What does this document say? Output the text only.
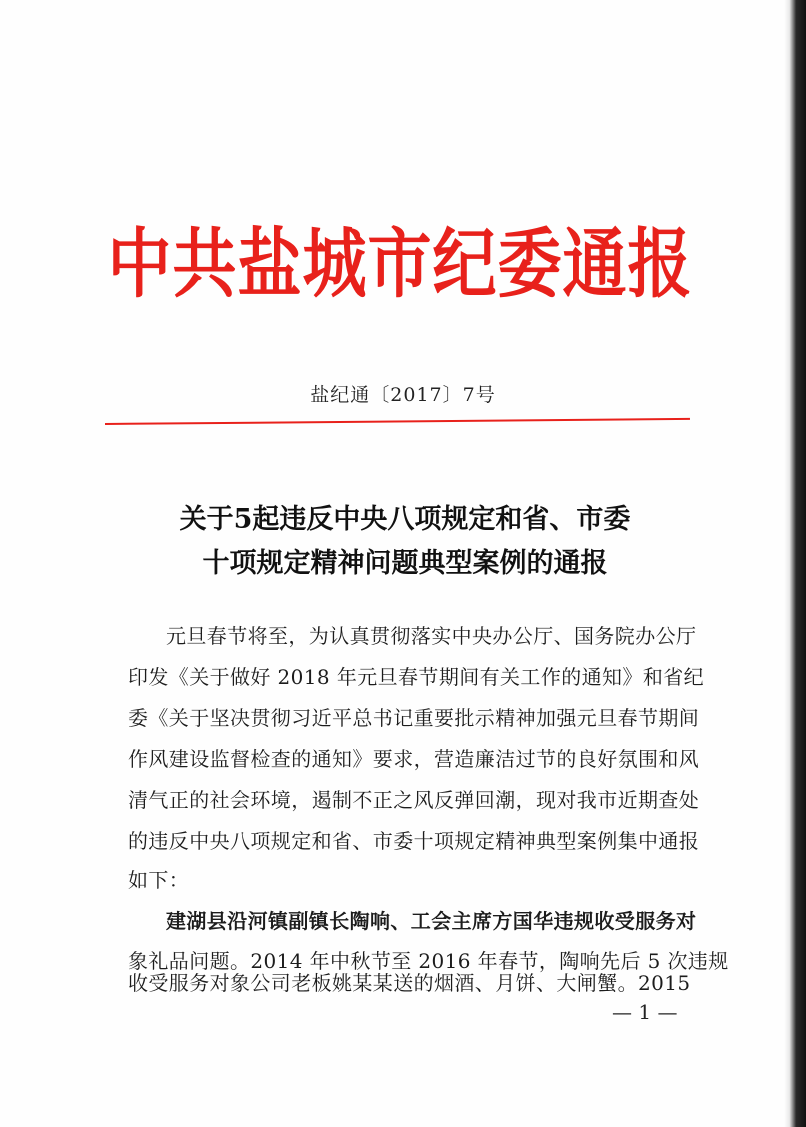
中共盐城市纪委通报
盐纪通〔2017〕7号
关于5起违反中央八项规定和省、市委
十项规定精神问题典型案例的通报
元旦春节将至，为认真贯彻落实中央办公厅、国务院办公厅
印发《关于做好 2018 年元旦春节期间有关工作的通知》和省纪
委《关于坚决贯彻习近平总书记重要批示精神加强元旦春节期间
作风建设监督检查的通知》要求，营造廉洁过节的良好氛围和风
清气正的社会环境，遏制不正之风反弹回潮，现对我市近期查处
的违反中央八项规定和省、市委十项规定精神典型案例集中通报
如下：
建湖县沿河镇副镇长陶响、工会主席方国华违规收受服务对
象礼品问题。2014 年中秋节至 2016 年春节，陶响先后 5 次违规
收受服务对象公司老板姚某某送的烟酒、月饼、大闸蟹。2015
— 1 —
